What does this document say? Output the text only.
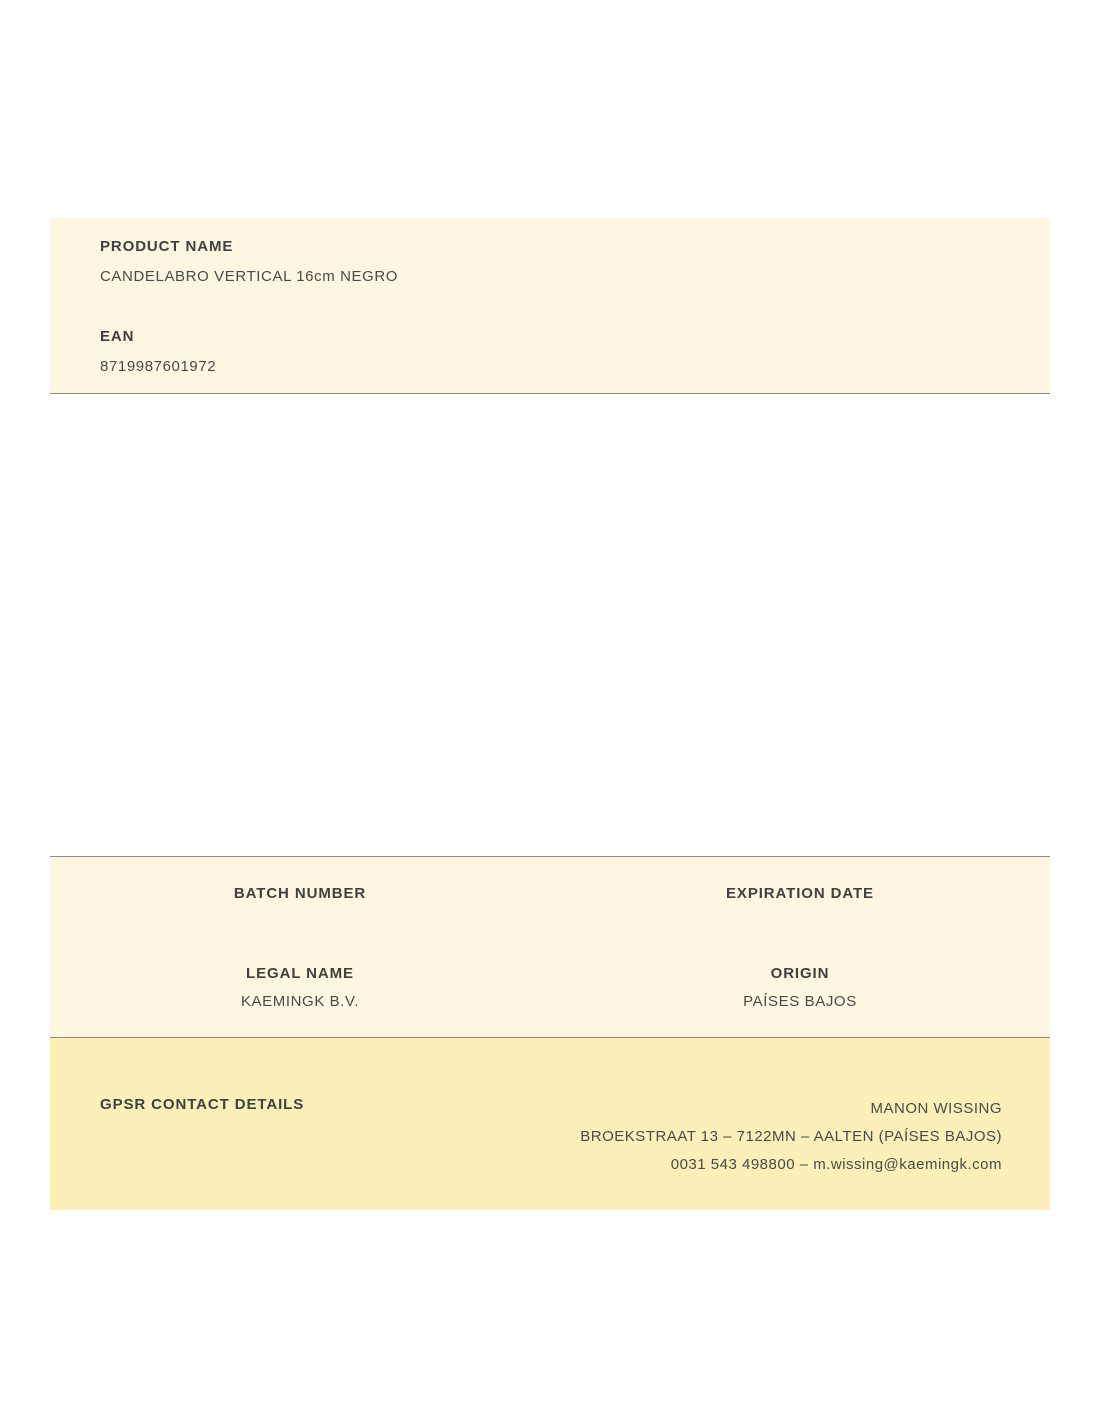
PRODUCT NAME
CANDELABRO VERTICAL 16cm NEGRO
EAN
8719987601972
BATCH NUMBER	EXPIRATION DATE
LEGAL NAME
KAEMINGK B.V.
ORIGIN
PAÍSES BAJOS
GPSR CONTACT DETAILS	MANON WISSING
BROEKSTRAAT 13 – 7122MN – AALTEN (PAÍSES BAJOS)
0031 543 498800 – m.wissing@kaemingk.com
